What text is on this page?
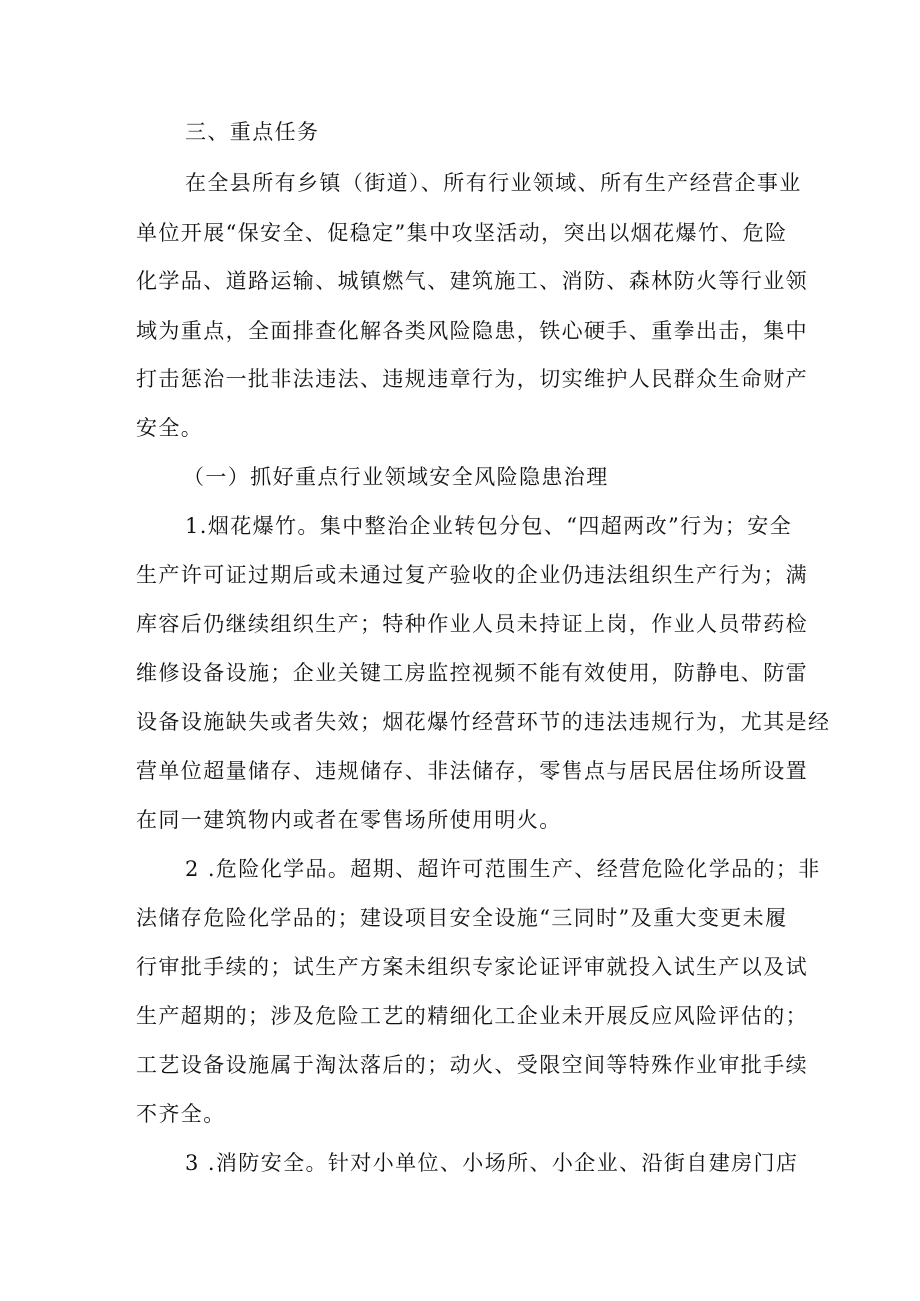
三、重点任务
在全县所有乡镇（街道）、所有行业领域、所有生产经营企事业
单位开展“保安全、促稳定”集中攻坚活动，突出以烟花爆竹、危险
化学品、道路运输、城镇燃气、建筑施工、消防、森林防火等行业领
域为重点，全面排查化解各类风险隐患，铁心硬手、重拳出击，集中
打击惩治一批非法违法、违规违章行为，切实维护人民群众生命财产
安全。
（一）抓好重点行业领域安全风险隐患治理
1.烟花爆竹。集中整治企业转包分包、“四超两改”行为；安全
生产许可证过期后或未通过复产验收的企业仍违法组织生产行为；满
库容后仍继续组织生产；特种作业人员未持证上岗，作业人员带药检
维修设备设施；企业关键工房监控视频不能有效使用，防静电、防雷
设备设施缺失或者失效；烟花爆竹经营环节的违法违规行为，尤其是经
营单位超量储存、违规储存、非法储存，零售点与居民居住场所设置
在同一建筑物内或者在零售场所使用明火。
2 .危险化学品。超期、超许可范围生产、经营危险化学品的；非
法储存危险化学品的；建设项目安全设施“三同时”及重大变更未履
行审批手续的；试生产方案未组织专家论证评审就投入试生产以及试
生产超期的；涉及危险工艺的精细化工企业未开展反应风险评估的；
工艺设备设施属于淘汰落后的；动火、受限空间等特殊作业审批手续
不齐全。
3 .消防安全。针对小单位、小场所、小企业、沿街自建房门店
